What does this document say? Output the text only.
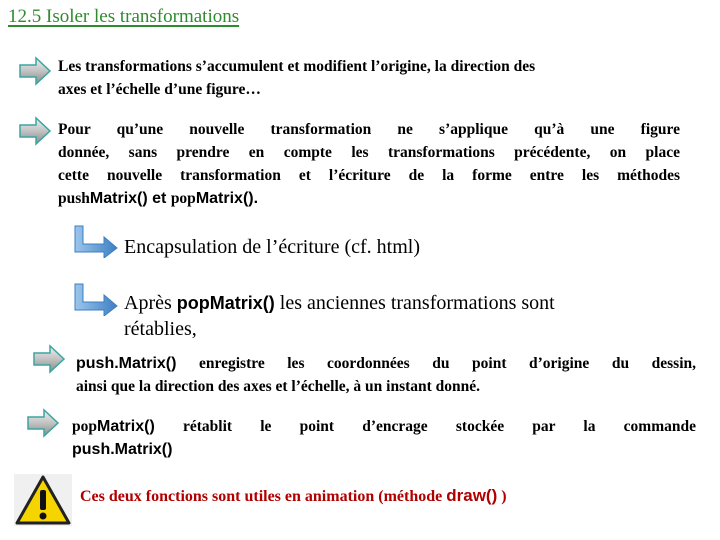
12.5 Isoler les transformations
Les transformations s’accumulent et modifient l’origine, la direction des
axes et l’échelle d’une figure…
Pour qu’une nouvelle transformation ne s’applique qu’à une figure
donnée, sans prendre en compte les transformations précédente, on place
cette nouvelle transformation et l’écriture de la forme entre les méthodes
pushMatrix() et popMatrix().
Encapsulation de l’écriture (cf. html)
Après popMatrix() les anciennes transformations sont
rétablies,
push.Matrix() enregistre les coordonnées du point d’origine du dessin,
ainsi que la direction des axes et l’échelle, à un instant donné.
popMatrix() rétablit le point d’encrage stockée par la commande
push.Matrix()
Ces deux fonctions sont utiles en animation (méthode draw() )
